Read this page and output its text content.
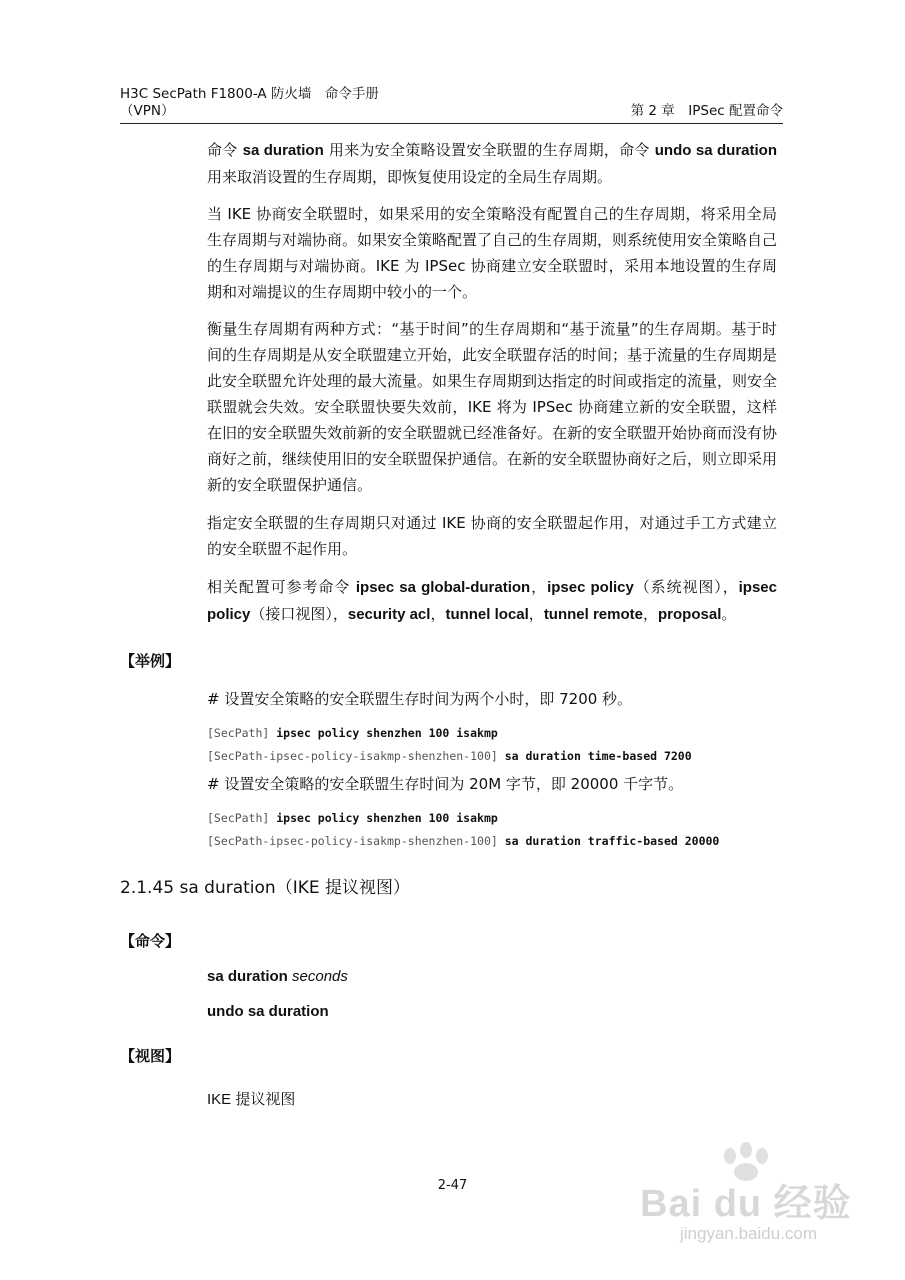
H3C SecPath F1800-A 防火墙　命令手册
（VPN）	第 2 章　IPSec 配置命令
命令 sa duration 用来为安全策略设置安全联盟的生存周期，命令 undo sa duration 用来取消设置的生存周期，即恢复使用设定的全局生存周期。
当 IKE 协商安全联盟时，如果采用的安全策略没有配置自己的生存周期，将采用全局生存周期与对端协商。如果安全策略配置了自己的生存周期，则系统使用安全策略自己的生存周期与对端协商。IKE 为 IPSec 协商建立安全联盟时，采用本地设置的生存周期和对端提议的生存周期中较小的一个。
衡量生存周期有两种方式：“基于时间”的生存周期和“基于流量”的生存周期。基于时间的生存周期是从安全联盟建立开始，此安全联盟存活的时间；基于流量的生存周期是此安全联盟允许处理的最大流量。如果生存周期到达指定的时间或指定的流量，则安全联盟就会失效。安全联盟快要失效前，IKE 将为 IPSec 协商建立新的安全联盟，这样在旧的安全联盟失效前新的安全联盟就已经准备好。在新的安全联盟开始协商而没有协商好之前，继续使用旧的安全联盟保护通信。在新的安全联盟协商好之后，则立即采用新的安全联盟保护通信。
指定安全联盟的生存周期只对通过 IKE 协商的安全联盟起作用，对通过手工方式建立的安全联盟不起作用。
相关配置可参考命令 ipsec sa global-duration，ipsec policy（系统视图），ipsec policy（接口视图），security acl，tunnel local，tunnel remote，proposal。
【举例】
# 设置安全策略的安全联盟生存时间为两个小时，即 7200 秒。
[SecPath] ipsec policy shenzhen 100 isakmp
[SecPath-ipsec-policy-isakmp-shenzhen-100] sa duration time-based 7200
# 设置安全策略的安全联盟生存时间为 20M 字节，即 20000 千字节。
[SecPath] ipsec policy shenzhen 100 isakmp
[SecPath-ipsec-policy-isakmp-shenzhen-100] sa duration traffic-based 20000
2.1.45 sa duration（IKE 提议视图）
【命令】
sa duration seconds
undo sa duration
【视图】
IKE 提议视图
2-47	Bai du 经验
jingyan.baidu.com
